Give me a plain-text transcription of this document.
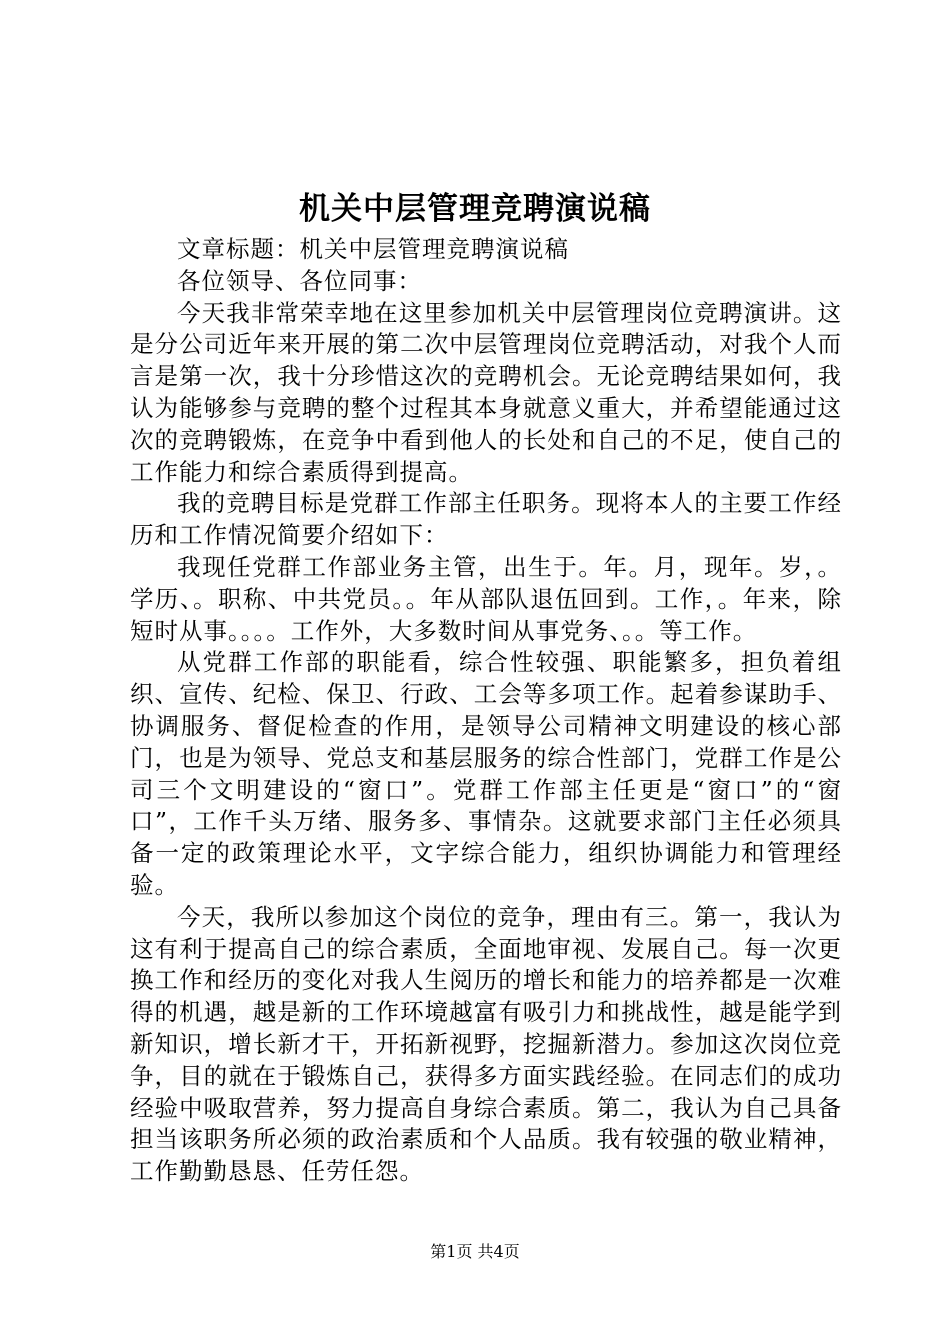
机关中层管理竞聘演说稿

文章标题：机关中层管理竞聘演说稿

各位领导、各位同事：

今天我非常荣幸地在这里参加机关中层管理岗位竞聘演讲。这是分公司近年来开展的第二次中层管理岗位竞聘活动，对我个人而言是第一次，我十分珍惜这次的竞聘机会。无论竞聘结果如何，我认为能够参与竞聘的整个过程其本身就意义重大，并希望能通过这次的竞聘锻炼，在竞争中看到他人的长处和自己的不足，使自己的工作能力和综合素质得到提高。

我的竞聘目标是党群工作部主任职务。现将本人的主要工作经历和工作情况简要介绍如下：

我现任党群工作部业务主管，出生于。年。月，现年。岁，。学历、。职称、中共党员。。年从部队退伍回到。工作，。年来，除短时从事。。。。工作外，大多数时间从事党务、。。等工作。

从党群工作部的职能看，综合性较强、职能繁多，担负着组织、宣传、纪检、保卫、行政、工会等多项工作。起着参谋助手、协调服务、督促检查的作用，是领导公司精神文明建设的核心部门，也是为领导、党总支和基层服务的综合性部门，党群工作是公司三个文明建设的“窗口”。党群工作部主任更是“窗口”的“窗口”，工作千头万绪、服务多、事情杂。这就要求部门主任必须具备一定的政策理论水平，文字综合能力，组织协调能力和管理经验。

今天，我所以参加这个岗位的竞争，理由有三。第一，我认为这有利于提高自己的综合素质，全面地审视、发展自己。每一次更换工作和经历的变化对我人生阅历的增长和能力的培养都是一次难得的机遇，越是新的工作环境越富有吸引力和挑战性，越是能学到新知识，增长新才干，开拓新视野，挖掘新潜力。参加这次岗位竞争，目的就在于锻炼自己，获得多方面实践经验。在同志们的成功经验中吸取营养，努力提高自身综合素质。第二，我认为自己具备担当该职务所必须的政治素质和个人品质。我有较强的敬业精神，工作勤勤恳恳、任劳任怨。

第1页 共4页
